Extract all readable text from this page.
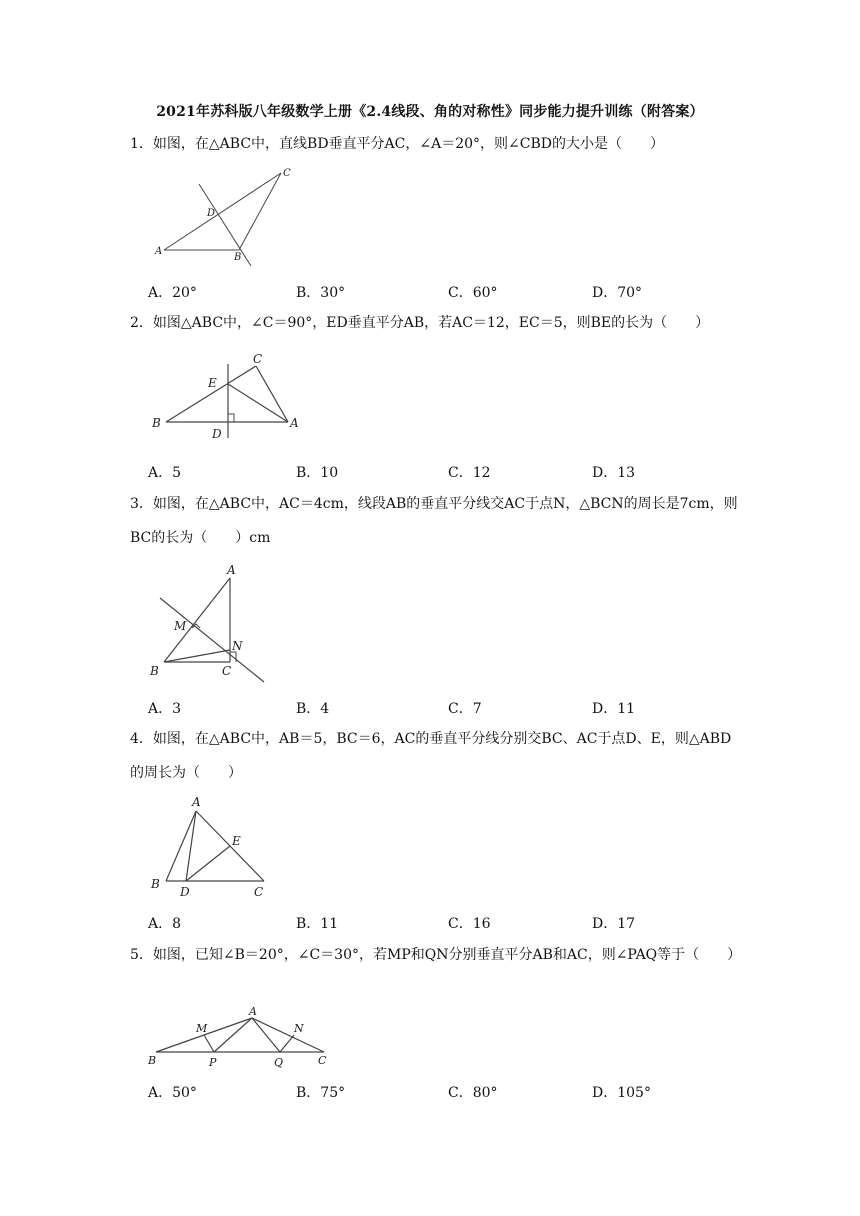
2021年苏科版八年级数学上册《2.4线段、角的对称性》同步能力提升训练（附答案）
1．如图，在△ABC中，直线BD垂直平分AC，∠A＝20°，则∠CBD的大小是（　　）
C
D
A
B
A．20°	B．30°	C．60°	D．70°
2．如图△ABC中，∠C＝90°，ED垂直平分AB，若AC＝12，EC＝5，则BE的长为（　　）
C
E
B
D
A
A．5	B．10	C．12	D．13
3．如图，在△ABC中，AC＝4cm，线段AB的垂直平分线交AC于点N，△BCN的周长是7cm，则BC的长为（　　）cm
A
M
N
B	C
A．3	B．4	C．7	D．11
4．如图，在△ABC中，AB＝5，BC＝6，AC的垂直平分线分别交BC、AC于点D、E，则△ABD的周长为（　　）
A
E
B
D	C
A．8	B．11	C．16	D．17
5．如图，已知∠B＝20°，∠C＝30°，若MP和QN分别垂直平分AB和AC，则∠PAQ等于（　　）
A
M	N
B	P	Q	C
A．50°	B．75°	C．80°	D．105°
